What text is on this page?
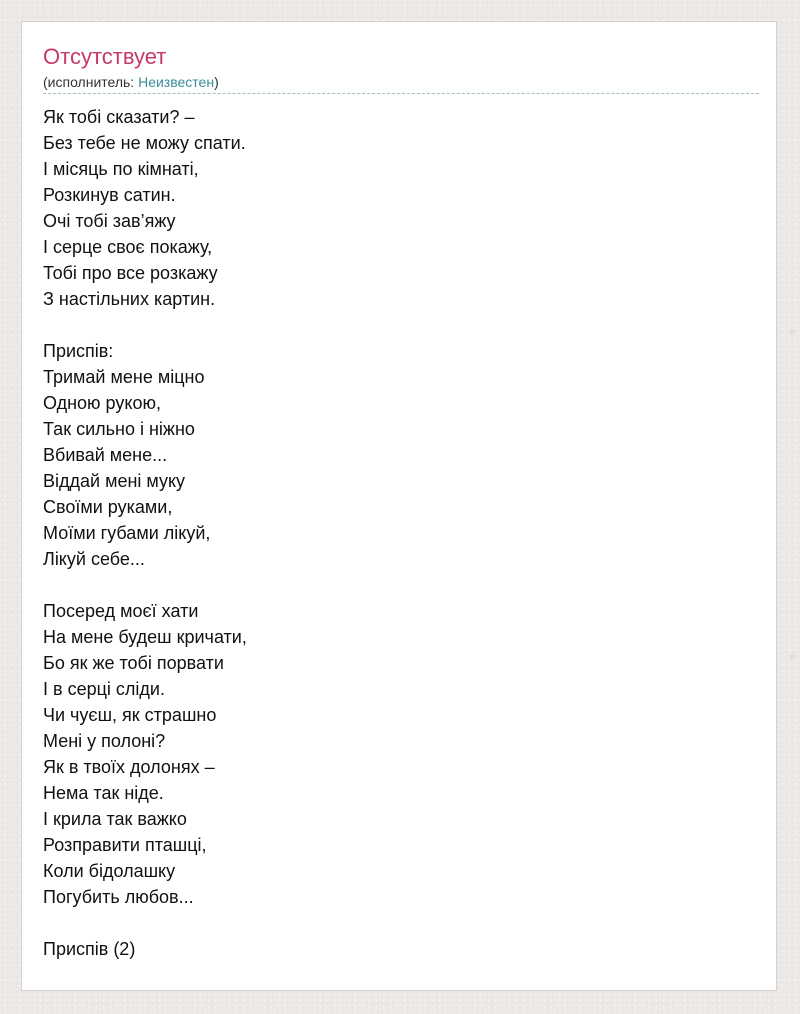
Отсутствует
(исполнитель: Неизвестен)
Як тобі сказати? –
Без тебе не можу спати.
І місяць по кімнаті,
Розкинув сатин.
Очі тобі зав’яжу
І серце своє покажу,
Тобі про все розкажу
З настільних картин.
Приспів:
Тримай мене міцно
Одною рукою,
Так сильно і ніжно
Вбивай мене...
Віддай мені муку
Своїми руками,
Моїми губами лікуй,
Лікуй себе...
Посеред моєї хати
На мене будеш кричати,
Бо як же тобі порвати
І в серці сліди.
Чи чуєш, як страшно
Мені у полоні?
Як в твоїх долонях –
Нема так ніде.
І крила так важко
Розправити пташці,
Коли бідолашку
Погубить любов...
Приспів (2)
